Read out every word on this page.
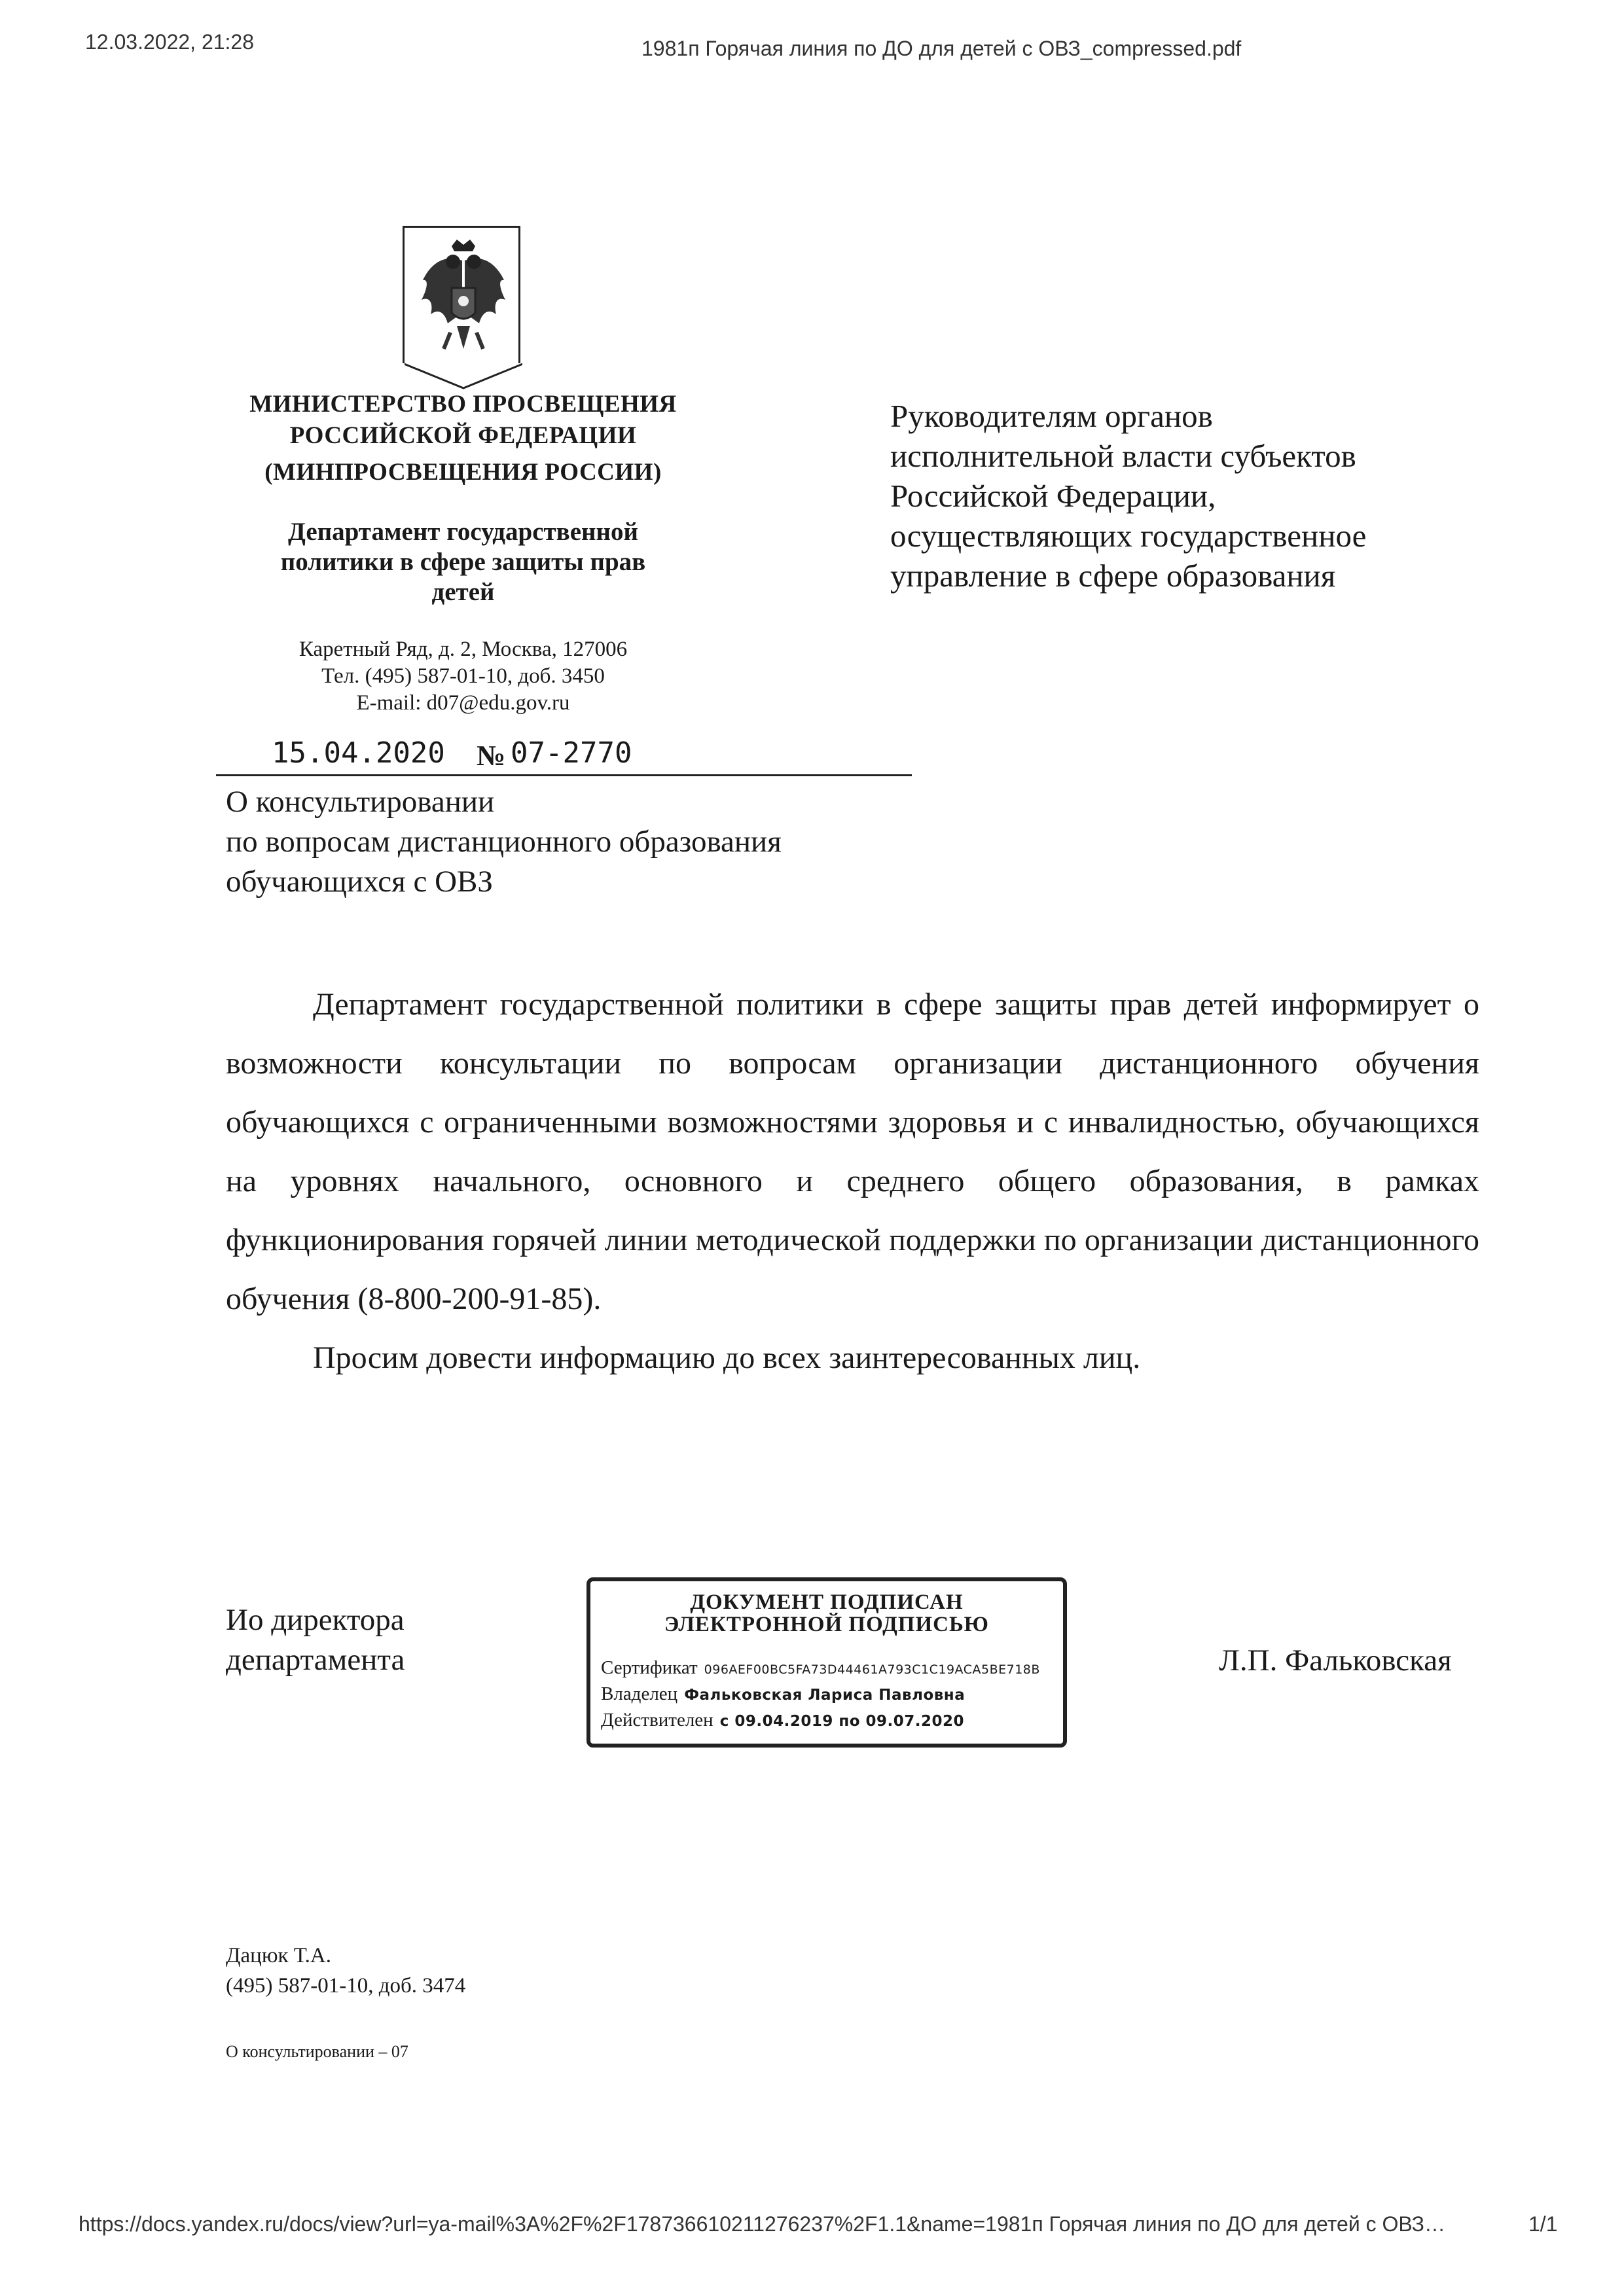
12.03.2022, 21:28	1981п Горячая линия по ДО для детей с ОВЗ_compressed.pdf
МИНИСТЕРСТВО ПРОСВЕЩЕНИЯ
РОССИЙСКОЙ ФЕДЕРАЦИИ
(МИНПРОСВЕЩЕНИЯ РОССИИ)
Департамент государственной
политики в сфере защиты прав
детей
Каретный Ряд, д. 2, Москва, 127006
Тел. (495) 587-01-10, доб. 3450
E-mail: d07@edu.gov.ru
15.04.2020 № 07-2770
Руководителям органов
исполнительной власти субъектов
Российской Федерации,
осуществляющих государственное
управление в сфере образования
О консультировании
по вопросам дистанционного образования
обучающихся с ОВЗ

Департамент государственной политики в сфере защиты прав детей информирует о возможности консультации по вопросам организации дистанционного обучения обучающихся с ограниченными возможностями здоровья и с инвалидностью, обучающихся на уровнях начального, основного и среднего общего образования, в рамках функционирования горячей линии методической поддержки по организации дистанционного обучения (8-800-200-91-85).

Просим довести информацию до всех заинтересованных лиц.

Ио директора
департамента
ДОКУМЕНТ ПОДПИСАН
ЭЛЕКТРОННОЙ ПОДПИСЬЮ
Сертификат 096AEF00BC5FA73D44461A793C1C19ACA5BE718B
Владелец Фальковская Лариса Павловна
Действителен с 09.04.2019 по 09.07.2020
Л.П. Фальковская
Дацюк Т.А.
(495) 587-01-10, доб. 3474
О консультировании – 07
https://docs.yandex.ru/docs/view?url=ya-mail%3A%2F%2F178736610211276237%2F1.1&name=1981п Горячая линия по ДО для детей с ОВЗ…	1/1
